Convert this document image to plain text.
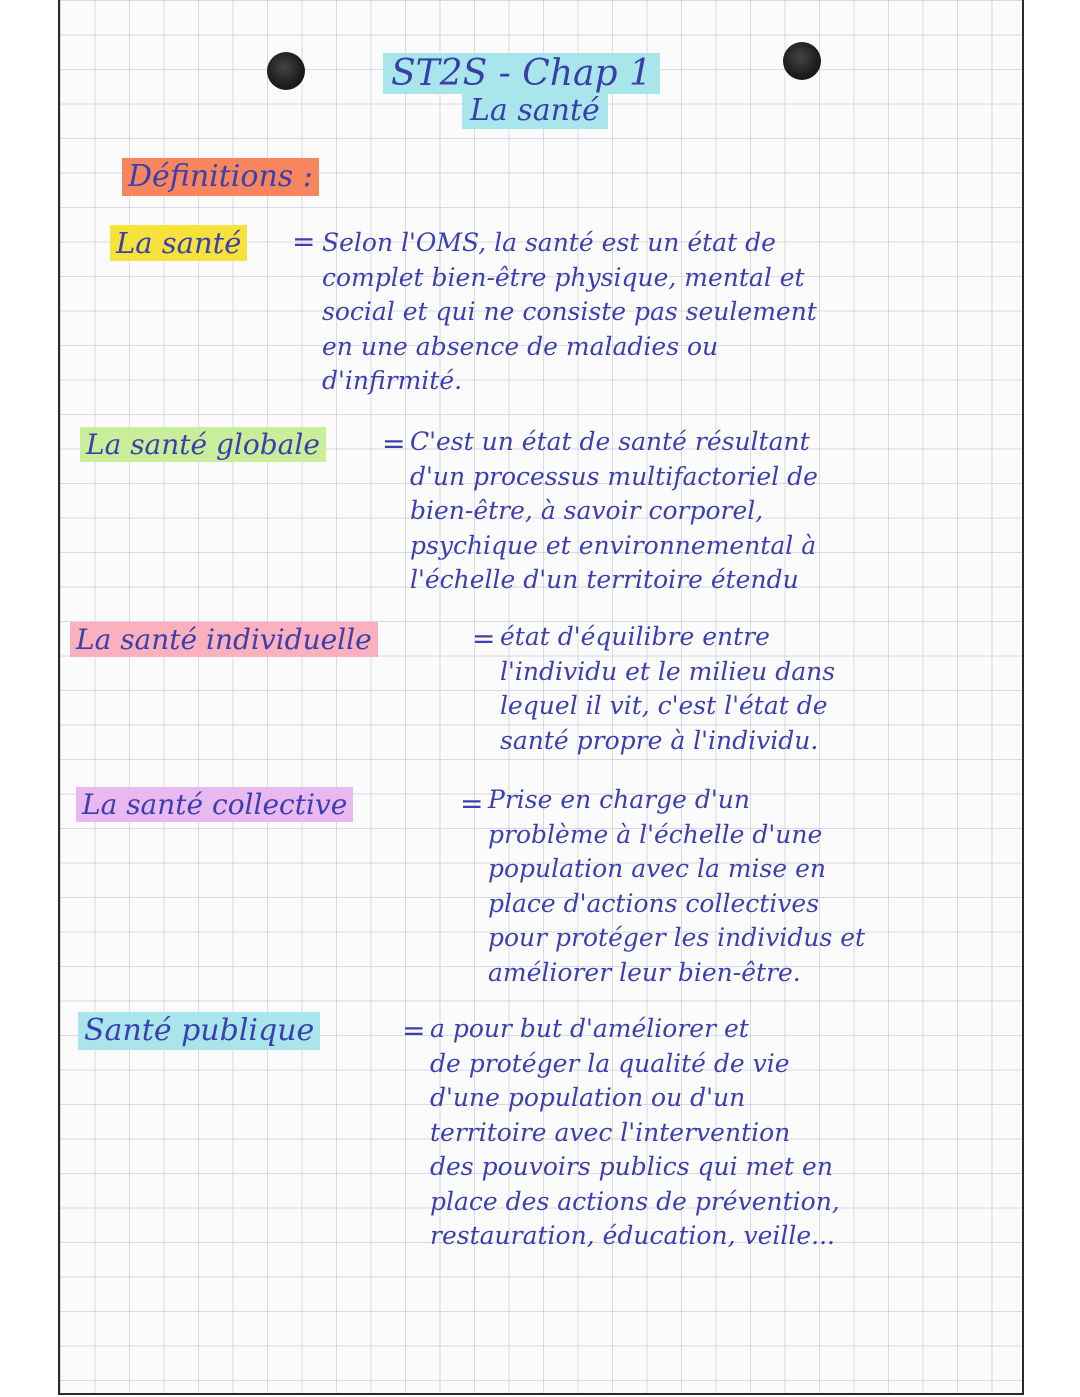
ST2S - Chap 1
La santé
Définitions :
La santé = Selon l'OMS, la santé est un état de
complet bien-être physique, mental et
social et qui ne consiste pas seulement
en une absence de maladies ou
d'infirmité.
La santé globale = C'est un état de santé résultant
d'un processus multifactoriel de
bien-être, à savoir corporel,
psychique et environnemental à
l'échelle d'un territoire étendu
La santé individuelle	= état d'équilibre entre
l'individu et le milieu dans
lequel il vit, c'est l'état de
santé propre à l'individu.
La santé collective	= Prise en charge d'un
problème à l'échelle d'une
population avec la mise en
place d'actions collectives
pour protéger les individus et
améliorer leur bien-être.
Santé publique	= a pour but d'améliorer et
de protéger la qualité de vie
d'une population ou d'un
territoire avec l'intervention
des pouvoirs publics qui met en
place des actions de prévention,
restauration, éducation, veille...
